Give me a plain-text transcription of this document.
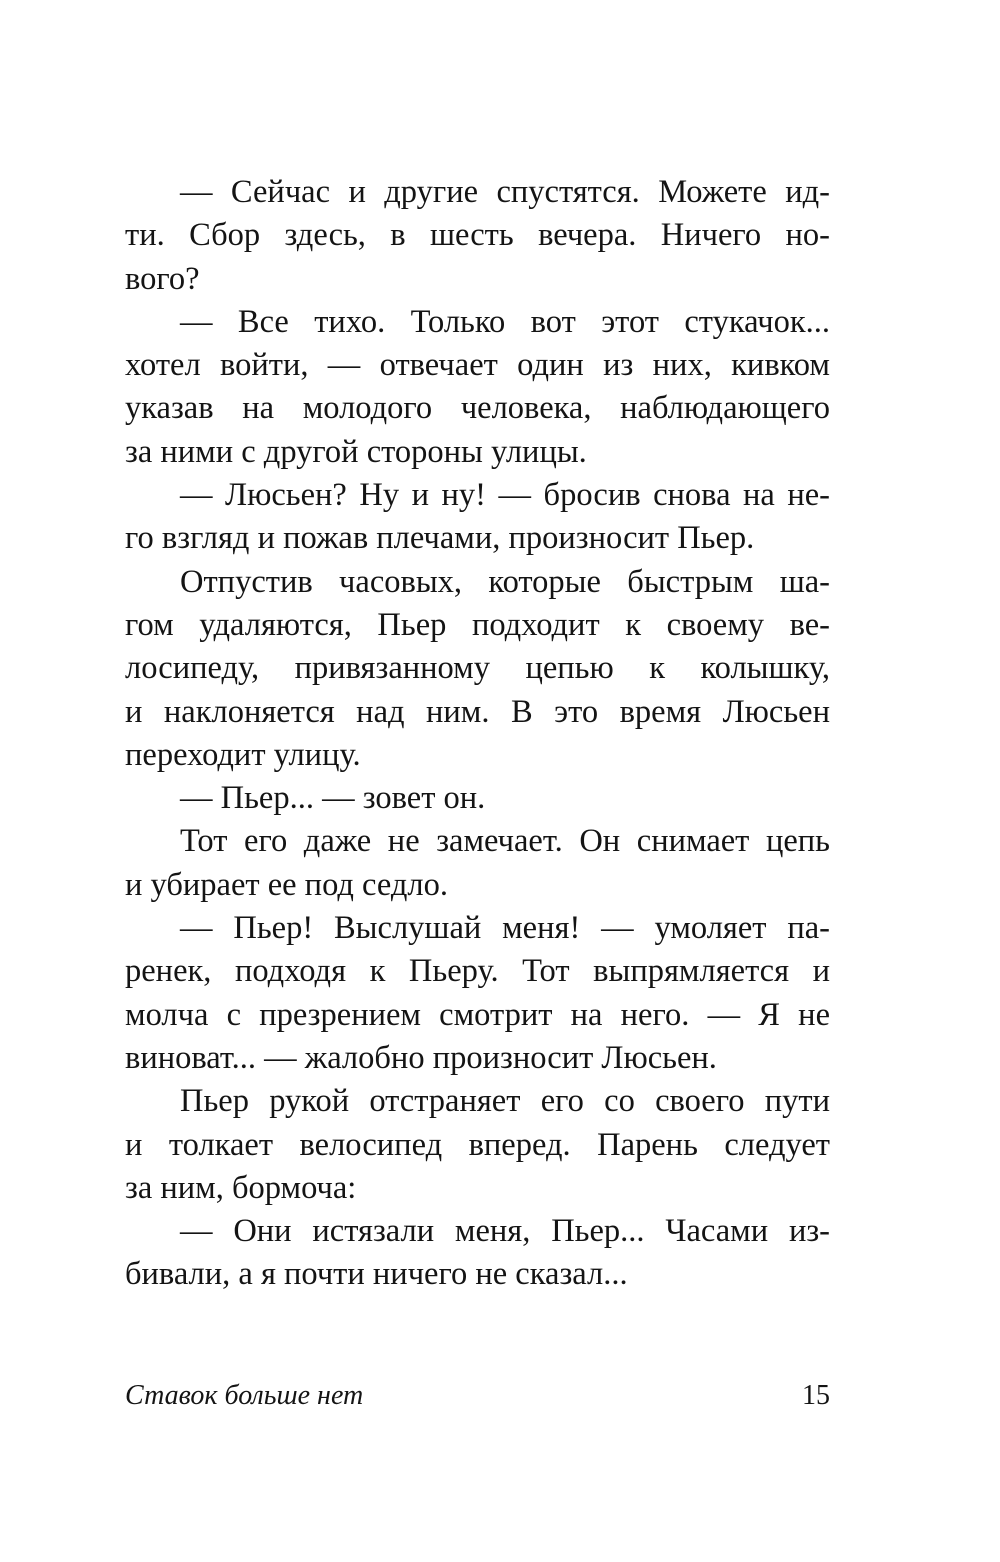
— Сейчас и другие спустятся. Можете ид-
ти. Сбор здесь, в шесть вечера. Ничего но-
вого?
— Все тихо. Только вот этот стукачок...
хотел войти, — отвечает один из них, кивком
указав на молодого человека, наблюдающего
за ними с другой стороны улицы.
— Люсьен? Ну и ну! — бросив снова на не-
го взгляд и пожав плечами, произносит Пьер.
Отпустив часовых, которые быстрым ша-
гом удаляются, Пьер подходит к своему ве-
лосипеду, привязанному цепью к колышку,
и наклоняется над ним. В это время Люсьен
переходит улицу.
— Пьер... — зовет он.
Тот его даже не замечает. Он снимает цепь
и убирает ее под седло.
— Пьер! Выслушай меня! — умоляет па-
ренек, подходя к Пьеру. Тот выпрямляется и
молча с презрением смотрит на него. — Я не
виноват... — жалобно произносит Люсьен.
Пьер рукой отстраняет его со своего пути
и толкает велосипед вперед. Парень следует
за ним, бормоча:
— Они истязали меня, Пьер... Часами из-
бивали, а я почти ничего не сказал...
Ставок больше нет	15
